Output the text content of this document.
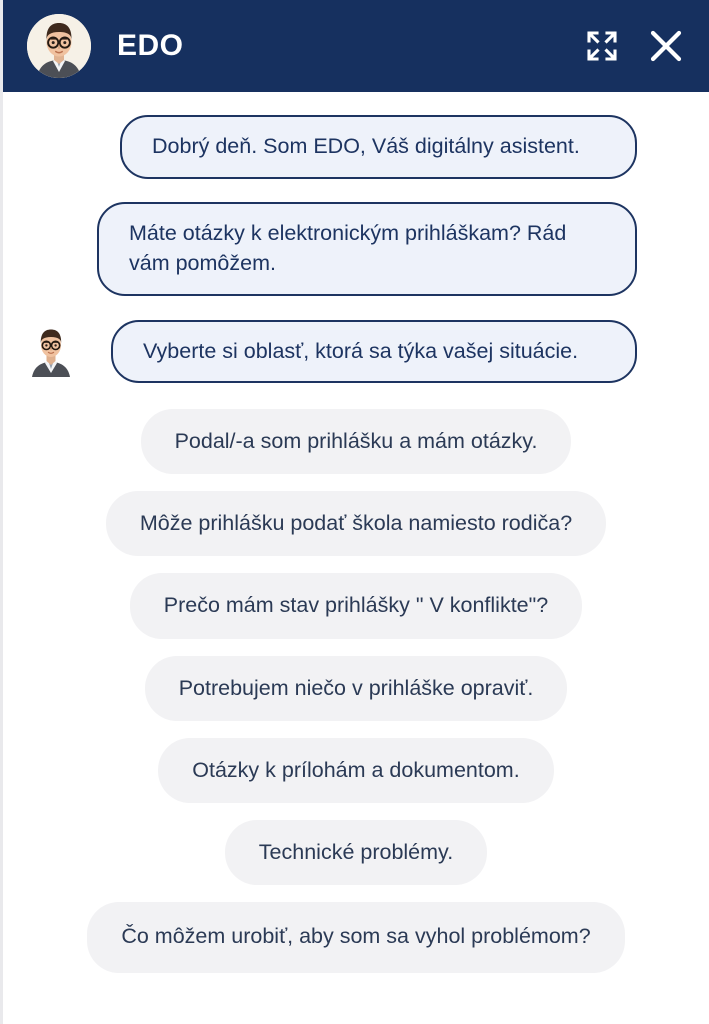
EDO
Dobrý deň. Som EDO, Váš digitálny asistent.
Máte otázky k elektronickým prihláškam? Rád vám pomôžem.
Vyberte si oblasť, ktorá sa týka vašej situácie.
Podal/-a som prihlášku a mám otázky.
Môže prihlášku podať škola namiesto rodiča?
Prečo mám stav prihlášky " V konflikte"?
Potrebujem niečo v prihláške opraviť.
Otázky k prílohám a dokumentom.
Technické problémy.
Čo môžem urobiť, aby som sa vyhol problémom?
